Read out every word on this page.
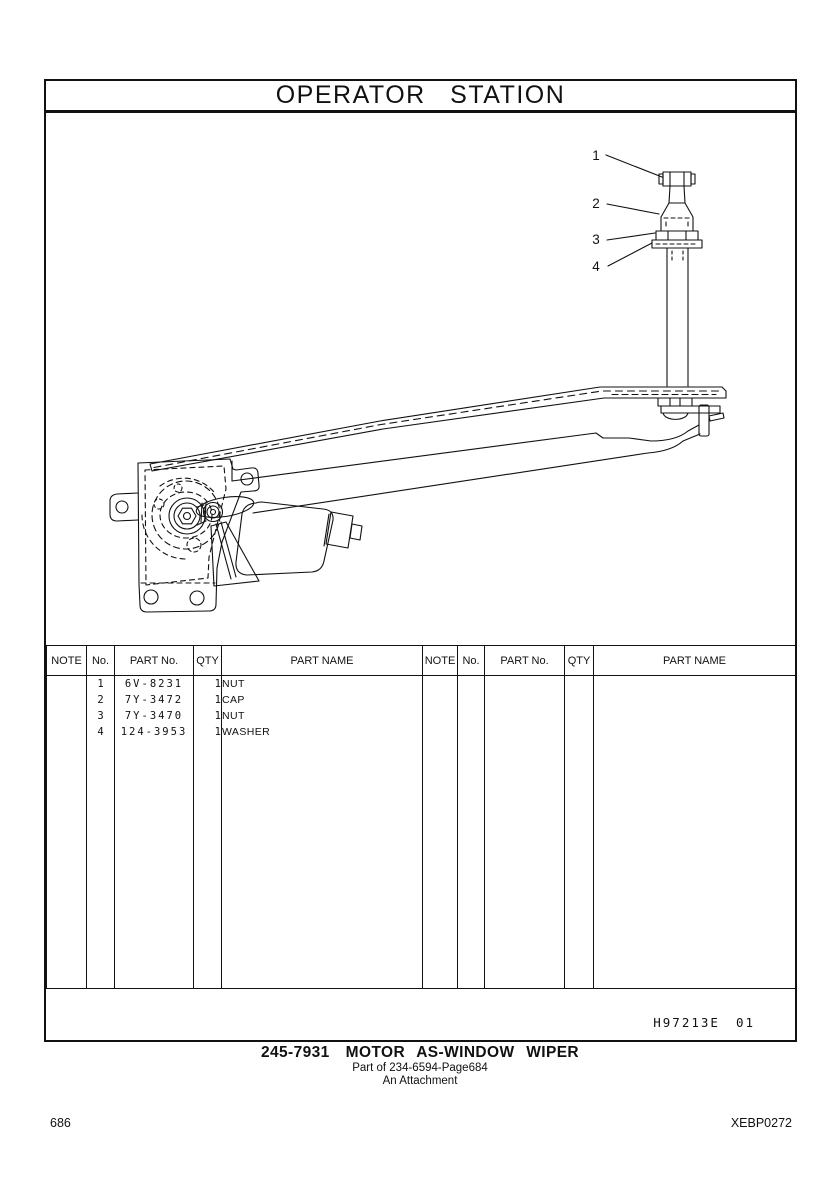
OPERATOR STATION
1
2
3
4
NOTE	No.	PART No.	QTY	PART NAME	NOTE	No.	PART No.	QTY	PART NAME
	1	6V-8231	1	NUT					
	2	7Y-3472	1	CAP					
	3	7Y-3470	1	NUT					
	4	124-3953	1	WASHER					

H97213E 01
245-7931 MOTOR AS-WINDOW WIPER
Part of 234-6594-Page684
An Attachment
686	XEBP0272
